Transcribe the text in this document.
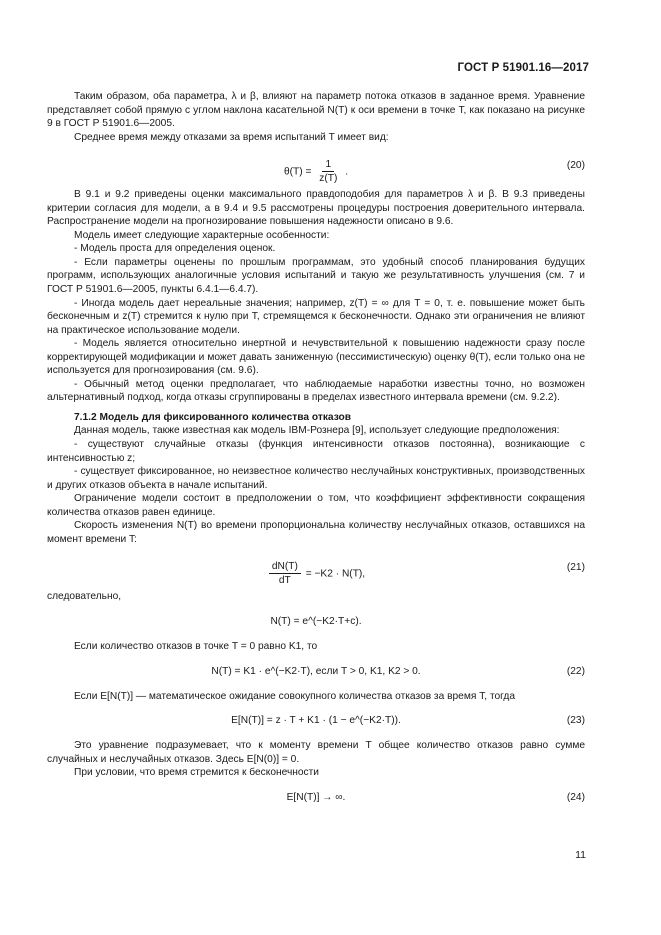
ГОСТ Р 51901.16—2017

Таким образом, оба параметра, λ и β, влияют на параметр потока отказов в заданное время. Уравнение представляет собой прямую с углом наклона касательной N(T) к оси времени в точке T, как показано на рисунке 9 в ГОСТ Р 51901.6—2005.

Среднее время между отказами за время испытаний T имеет вид:

$\theta(T) = \frac{1}{z(T)}$ .
(20)

В 9.1 и 9.2 приведены оценки максимального правдоподобия для параметров λ и β. В 9.3 приведены критерии согласия для модели, а в 9.4 и 9.5 рассмотрены процедуры построения доверительного интервала. Распространение модели на прогнозирование повышения надежности описано в 9.6.

Модель имеет следующие характерные особенности:

- Модель проста для определения оценок.

- Если параметры оценены по прошлым программам, это удобный способ планирования будущих программ, использующих аналогичные условия испытаний и такую же результативность улучшения (см. 7 и ГОСТ Р 51901.6—2005, пункты 6.4.1—6.4.7).

- Иногда модель дает нереальные значения; например, z(T) = ∞ для T = 0, т. е. повышение может быть бесконечным и z(T) стремится к нулю при T, стремящемся к бесконечности. Однако эти ограничения не влияют на практическое использование модели.

- Модель является относительно инертной и нечувствительной к повышению надежности сразу после корректирующей модификации и может давать заниженную (пессимистическую) оценку θ(T), если только она не используется для прогнозирования (см. 9.6).

- Обычный метод оценки предполагает, что наблюдаемые наработки известны точно, но возможен альтернативный подход, когда отказы сгруппированы в пределах известного интервала времени (см. 9.2.2).

7.1.2 Модель для фиксированного количества отказов

Данная модель, также известная как модель IBM-Рознера [9], использует следующие предположения:

- существуют случайные отказы (функция интенсивности отказов постоянна), возникающие с интенсивностью z;

- существует фиксированное, но неизвестное количество неслучайных конструктивных, производственных и других отказов объекта в начале испытаний.

Ограничение модели состоит в предположении о том, что коэффициент эффективности сокращения количества отказов равен единице.

Скорость изменения N(T) во времени пропорциональна количеству неслучайных отказов, оставшихся на момент времени T:

$\frac{dN(T)}{dT} = -K2 \cdot N(T)$,
(21)

следовательно,

N(T) = e^(−K2·T+c).

Если количество отказов в точке T = 0 равно K1, то

N(T) = K1 · e^(−K2·T), если T > 0, K1, K2 > 0.	(22)

Если E[N(T)] — математическое ожидание совокупного количества отказов за время T, тогда

E[N(T)] = z · T + K1 · (1 − e^(−K2·T)).	(23)

Это уравнение подразумевает, что к моменту времени T общее количество отказов равно сумме случайных и неслучайных отказов. Здесь E[N(0)] = 0.

При условии, что время стремится к бесконечности

E[N(T)] → ∞.	(24)
11
